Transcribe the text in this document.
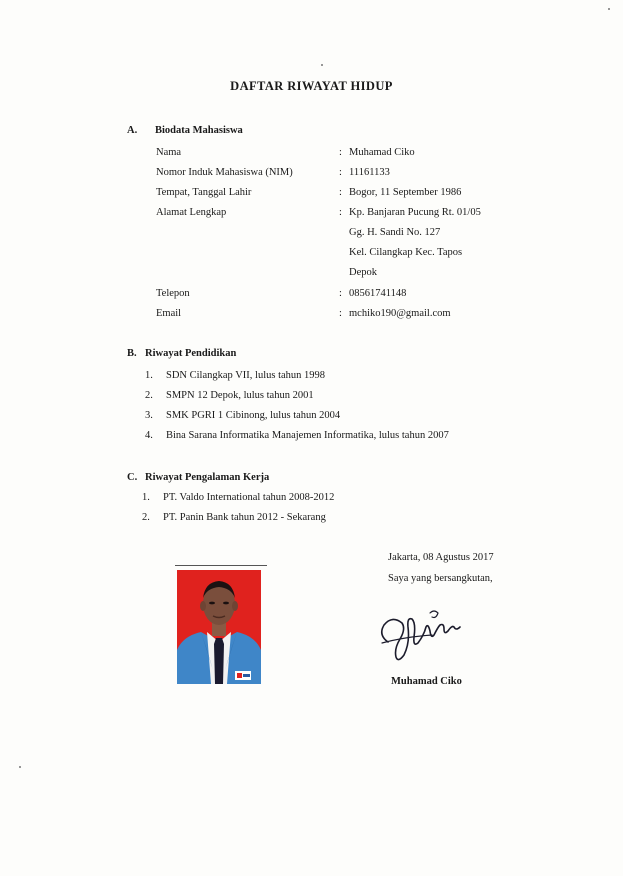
DAFTAR RIWAYAT HIDUP
A. Biodata Mahasiswa
Nama	: Muhamad Ciko
Nomor Induk Mahasiswa (NIM)	: 11161133
Tempat, Tanggal Lahir	: Bogor, 11 September 1986
Alamat Lengkap	: Kp. Banjaran Pucung Rt. 01/05
Gg. H. Sandi No. 127
Kel. Cilangkap Kec. Tapos
Depok
Telepon	: 08561741148
Email	: mchiko190@gmail.com
B. Riwayat Pendidikan
1. SDN Cilangkap VII, lulus tahun 1998
2. SMPN 12 Depok, lulus tahun 2001
3. SMK PGRI 1 Cibinong, lulus tahun 2004
4. Bina Sarana Informatika Manajemen Informatika, lulus tahun 2007
C. Riwayat Pengalaman Kerja
1. PT. Valdo International tahun 2008-2012
2. PT. Panin Bank tahun 2012 - Sekarang
Jakarta, 08 Agustus 2017
Saya yang bersangkutan,
Muhamad Ciko
